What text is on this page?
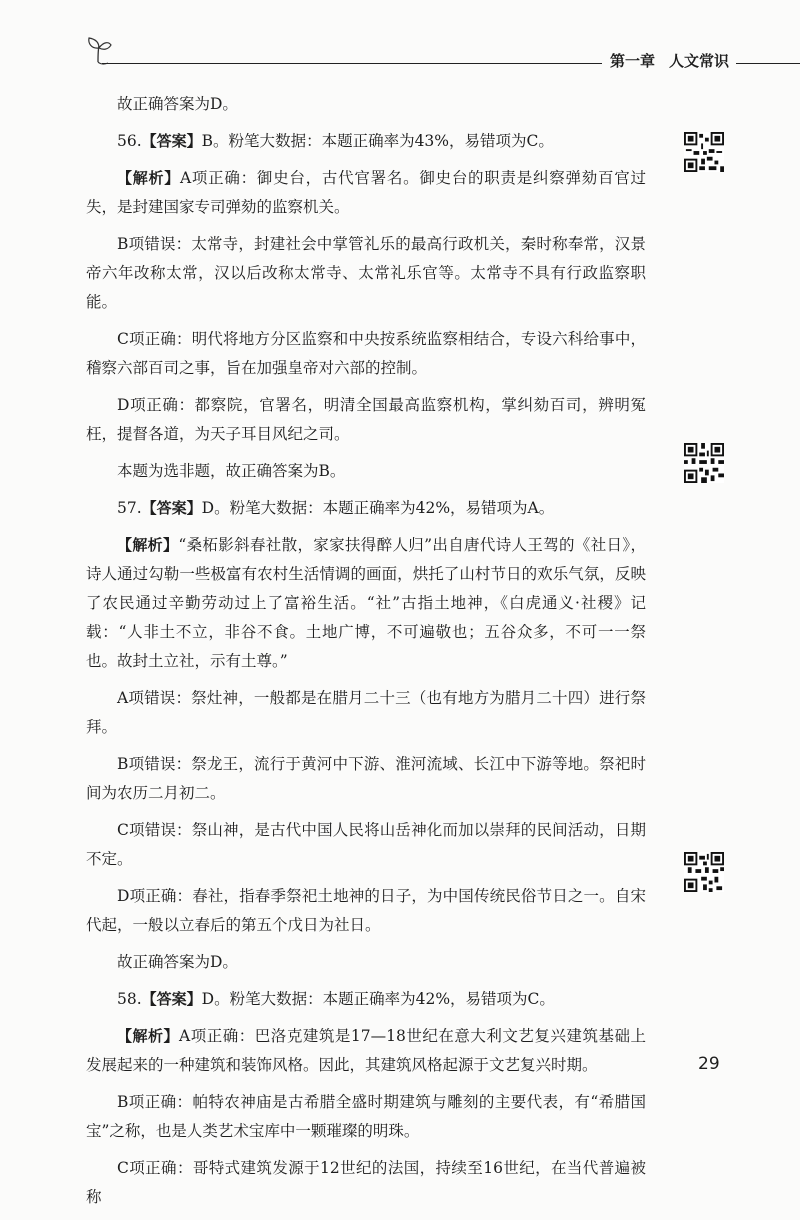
第一章 人文常识

故正确答案为D。

56.【答案】B。粉笔大数据：本题正确率为43%，易错项为C。

【解析】A项正确：御史台，古代官署名。御史台的职责是纠察弹劾百官过失，是封建国家专司弹劾的监察机关。

B项错误：太常寺，封建社会中掌管礼乐的最高行政机关，秦时称奉常，汉景帝六年改称太常，汉以后改称太常寺、太常礼乐官等。太常寺不具有行政监察职能。

C项正确：明代将地方分区监察和中央按系统监察相结合，专设六科给事中，稽察六部百司之事，旨在加强皇帝对六部的控制。

D项正确：都察院，官署名，明清全国最高监察机构，掌纠劾百司，辨明冤枉，提督各道，为天子耳目风纪之司。

本题为选非题，故正确答案为B。

57.【答案】D。粉笔大数据：本题正确率为42%，易错项为A。

【解析】“桑柘影斜春社散，家家扶得醉人归”出自唐代诗人王驾的《社日》，诗人通过勾勒一些极富有农村生活情调的画面，烘托了山村节日的欢乐气氛，反映了农民通过辛勤劳动过上了富裕生活。“社”古指土地神，《白虎通义·社稷》记载：“人非土不立，非谷不食。土地广博，不可遍敬也；五谷众多，不可一一祭也。故封土立社，示有土尊。”

A项错误：祭灶神，一般都是在腊月二十三（也有地方为腊月二十四）进行祭拜。

B项错误：祭龙王，流行于黄河中下游、淮河流域、长江中下游等地。祭祀时间为农历二月初二。

C项错误：祭山神，是古代中国人民将山岳神化而加以崇拜的民间活动，日期不定。

D项正确：春社，指春季祭祀土地神的日子，为中国传统民俗节日之一。自宋代起，一般以立春后的第五个戊日为社日。

故正确答案为D。

58.【答案】D。粉笔大数据：本题正确率为42%，易错项为C。

【解析】A项正确：巴洛克建筑是17—18世纪在意大利文艺复兴建筑基础上发展起来的一种建筑和装饰风格。因此，其建筑风格起源于文艺复兴时期。

B项正确：帕特农神庙是古希腊全盛时期建筑与雕刻的主要代表，有“希腊国宝”之称，也是人类艺术宝库中一颗璀璨的明珠。

C项正确：哥特式建筑发源于12世纪的法国，持续至16世纪，在当代普遍被称

29
